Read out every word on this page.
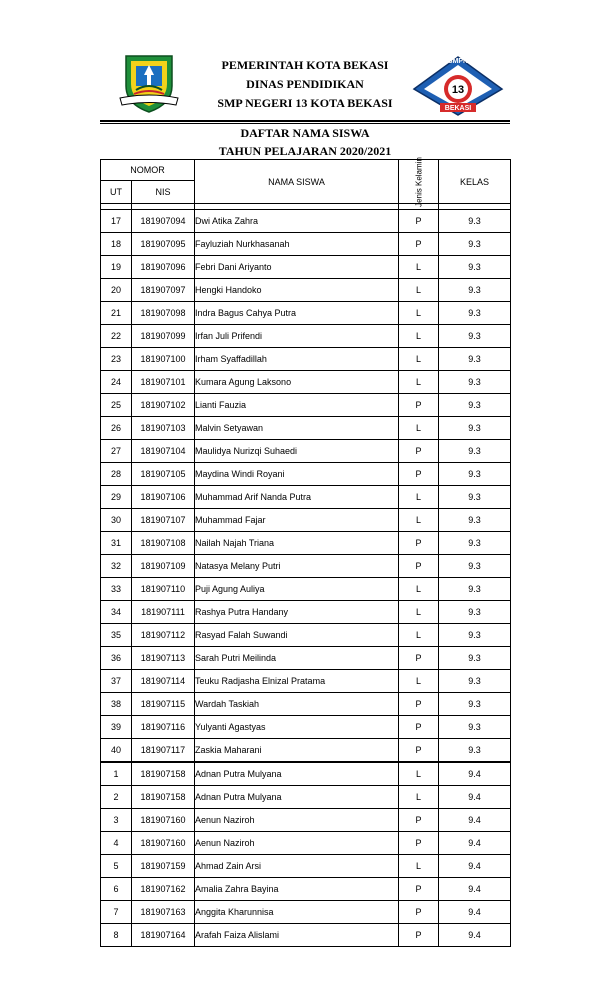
PEMERINTAH KOTA BEKASI
DINAS PENDIDIKAN
SMP NEGERI 13 KOTA BEKASI
SMPN
13
BEKASI
DAFTAR NAMA SISWA
TAHUN PELAJARAN 2020/2021
NOMOR		NAMA SISWA	Jenis Kelamin	KELAS
UT	NIS			

17	181907094	Dwi Atika Zahra	P	9.3
18	181907095	Fayluziah Nurkhasanah	P	9.3
19	181907096	Febri Dani Ariyanto	L	9.3
20	181907097	Hengki Handoko	L	9.3
21	181907098	Indra Bagus Cahya Putra	L	9.3
22	181907099	Irfan Juli Prifendi	L	9.3
23	181907100	Irham Syaffadillah	L	9.3
24	181907101	Kumara Agung Laksono	L	9.3
25	181907102	Lianti Fauzia	P	9.3
26	181907103	Malvin Setyawan	L	9.3
27	181907104	Maulidya Nurizqi Suhaedi	P	9.3
28	181907105	Maydina Windi Royani	P	9.3
29	181907106	Muhammad Arif Nanda Putra	L	9.3
30	181907107	Muhammad Fajar	L	9.3
31	181907108	Nailah Najah Triana	P	9.3
32	181907109	Natasya Melany Putri	P	9.3
33	181907110	Puji Agung Auliya	L	9.3
34	181907111	Rashya Putra Handany	L	9.3
35	181907112	Rasyad Falah Suwandi	L	9.3
36	181907113	Sarah Putri Meilinda	P	9.3
37	181907114	Teuku Radjasha Elnizal Pratama	L	9.3
38	181907115	Wardah Taskiah	P	9.3
39	181907116	Yulyanti Agastyas	P	9.3
40	181907117	Zaskia Maharani	P	9.3
1	181907158	Adnan Putra Mulyana	L	9.4
2	181907158	Adnan Putra Mulyana	L	9.4
3	181907160	Aenun Naziroh	P	9.4
4	181907160	Aenun Naziroh	P	9.4
5	181907159	Ahmad Zain Arsi	L	9.4
6	181907162	Amalia Zahra Bayina	P	9.4
7	181907163	Anggita Kharunnisa	P	9.4
8	181907164	Arafah Faiza Alislami	P	9.4
